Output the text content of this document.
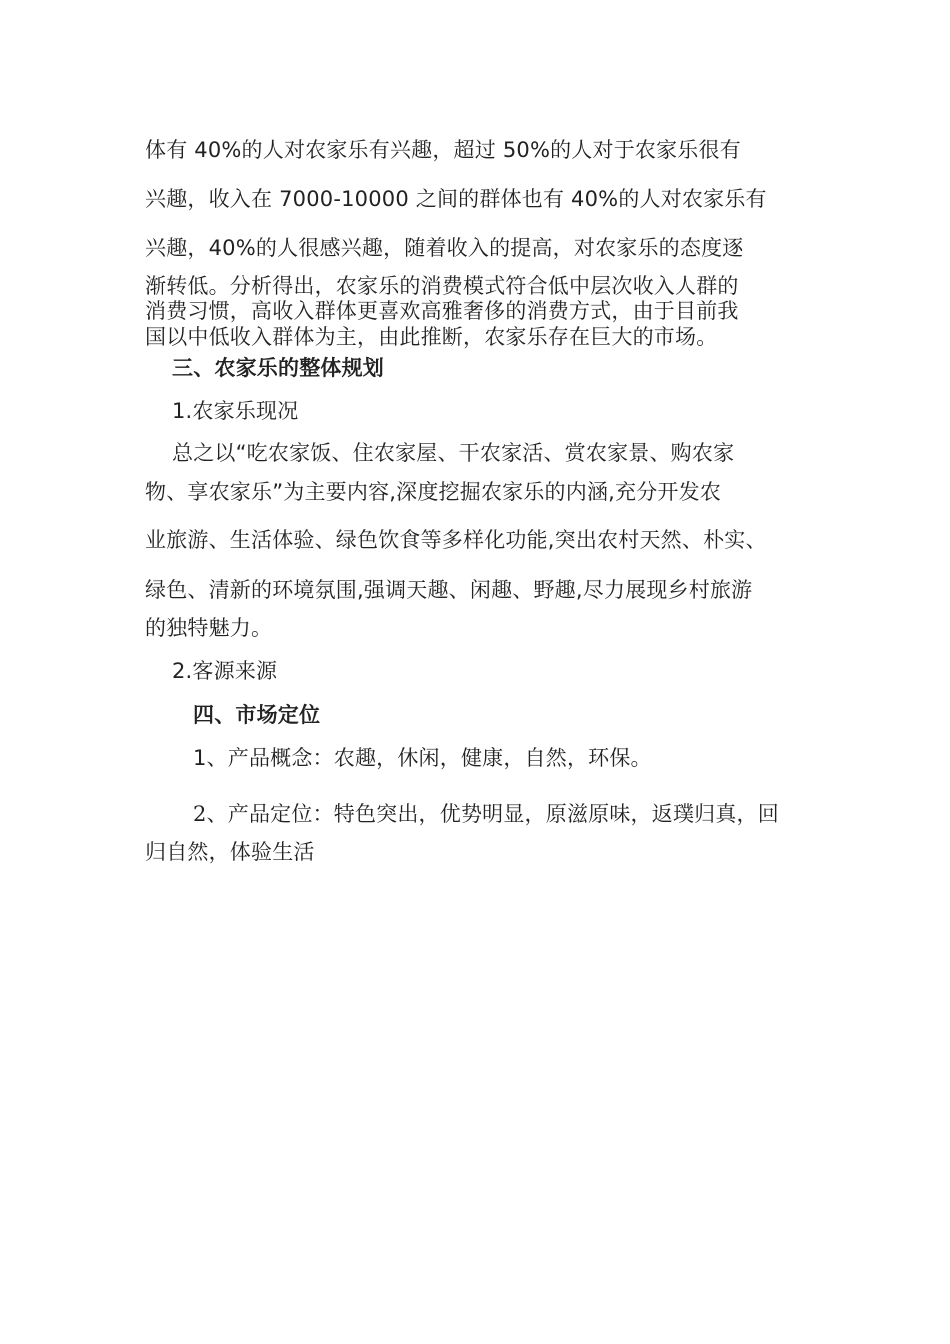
体有 40%的人对农家乐有兴趣，超过 50%的人对于农家乐很有
兴趣，收入在 7000-10000 之间的群体也有 40%的人对农家乐有
兴趣，40%的人很感兴趣，随着收入的提高，对农家乐的态度逐
渐转低。分析得出，农家乐的消费模式符合低中层次收入人群的
消费习惯，高收入群体更喜欢高雅奢侈的消费方式，由于目前我
国以中低收入群体为主，由此推断，农家乐存在巨大的市场。
三、农家乐的整体规划
1.农家乐现况
总之以“吃农家饭、住农家屋、干农家活、赏农家景、购农家
物、享农家乐”为主要内容,深度挖掘农家乐的内涵,充分开发农
业旅游、生活体验、绿色饮食等多样化功能,突出农村天然、朴实、
绿色、清新的环境氛围,强调天趣、闲趣、野趣,尽力展现乡村旅游
的独特魅力。
2.客源来源
四、市场定位
1、产品概念：农趣，休闲，健康，自然，环保。
2、产品定位：特色突出，优势明显，原滋原味，返璞归真，回
归自然，体验生活
